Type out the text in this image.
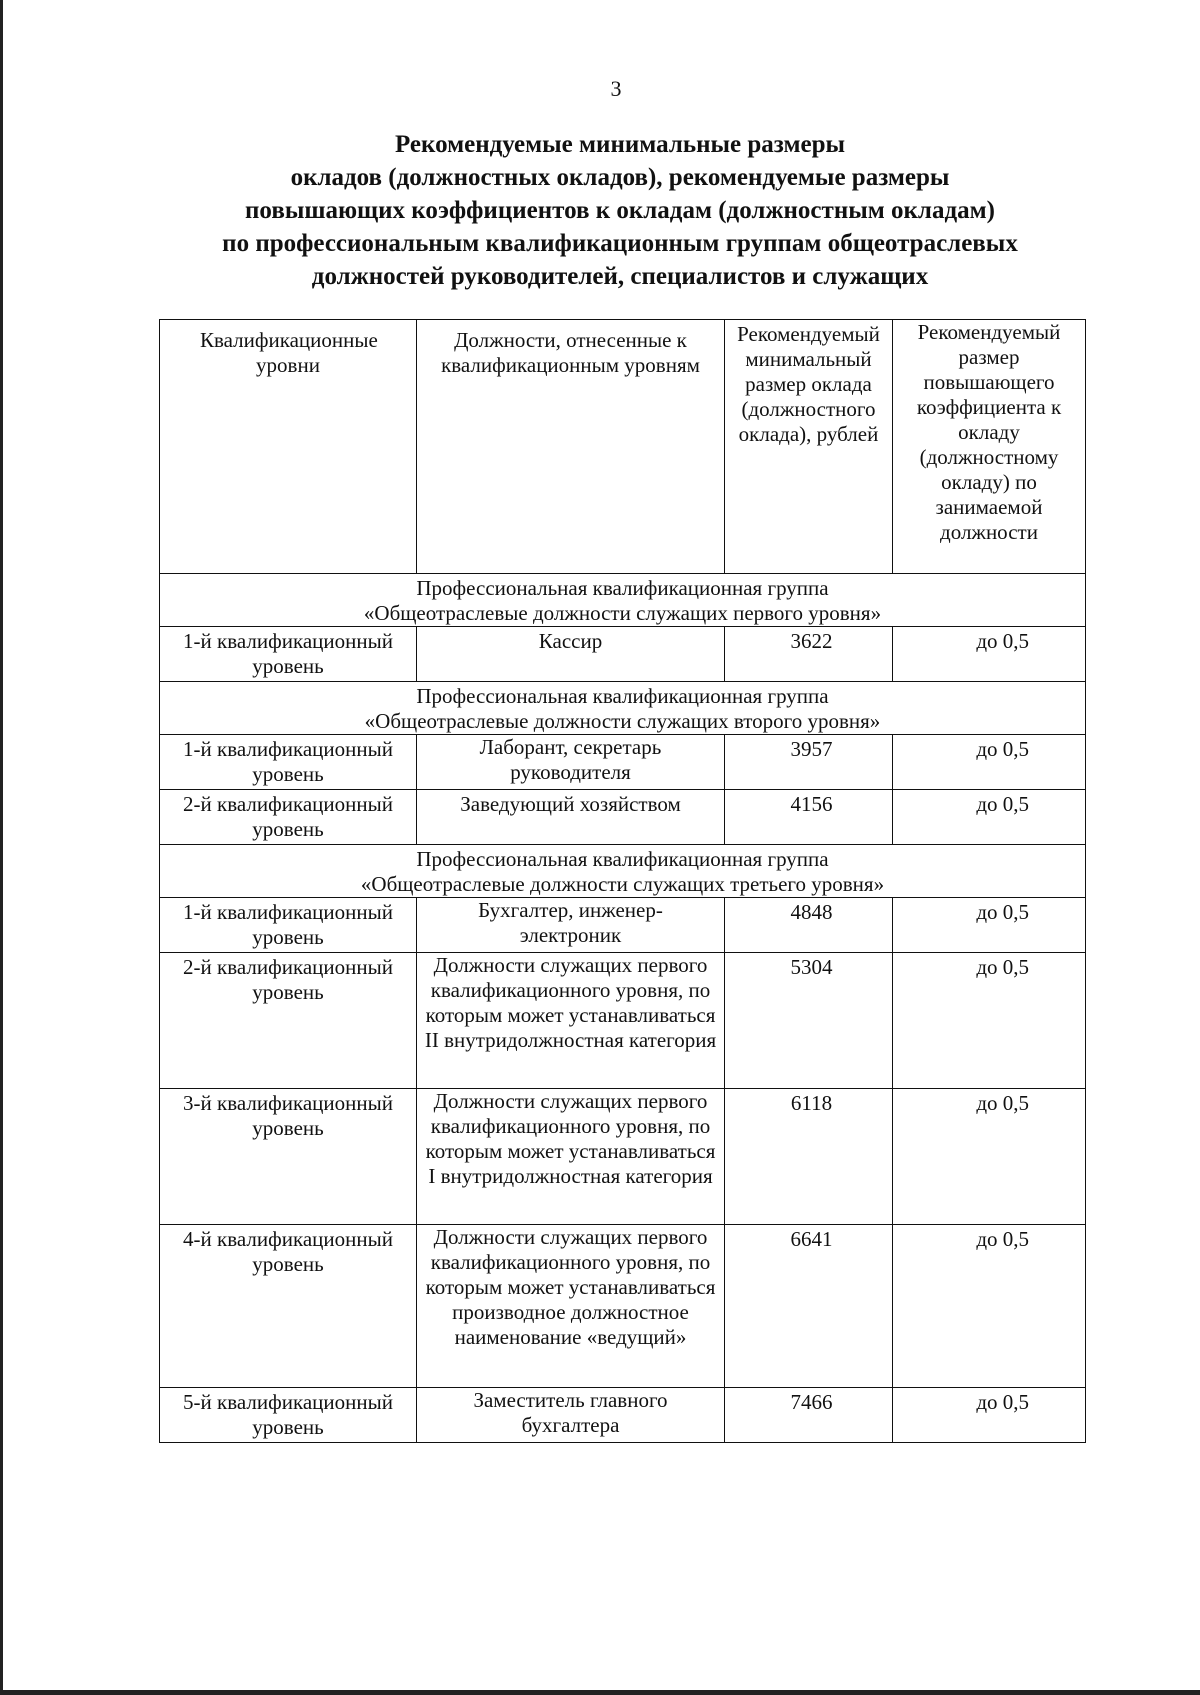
3
Рекомендуемые минимальные размеры
окладов (должностных окладов), рекомендуемые размеры
повышающих коэффициентов к окладам (должностным окладам)
по профессиональным квалификационным группам общеотраслевых
должностей руководителей, специалистов и служащих
Квалификационные уровни	Должности, отнесенные к квалификационным уровням	Рекомендуемый минимальный размер оклада (должностного оклада), рублей	Рекомендуемый размер повышающего коэффициента к окладу (должностному окладу) по занимаемой должности

Профессиональная квалификационная группа
«Общеотраслевые должности служащих первого уровня»			

1-й квалификационный уровень	Кассир	3622	до 0,5

Профессиональная квалификационная группа
«Общеотраслевые должности служащих второго уровня»			

1-й квалификационный уровень	Лаборант, секретарь руководителя	3957	до 0,5
2-й квалификационный уровень	Заведующий хозяйством	4156	до 0,5

Профессиональная квалификационная группа
«Общеотраслевые должности служащих третьего уровня»			

1-й квалификационный уровень	Бухгалтер, инженер-электроник	4848	до 0,5
2-й квалификационный уровень	Должности служащих первого квалификационного уровня, по которым может устанавливаться II внутридолжностная категория	5304	до 0,5
3-й квалификационный уровень	Должности служащих первого квалификационного уровня, по которым может устанавливаться I внутридолжностная категория	6118	до 0,5
4-й квалификационный уровень	Должности служащих первого квалификационного уровня, по которым может устанавливаться производное должностное наименование «ведущий»	6641	до 0,5
5-й квалификационный уровень	Заместитель главного бухгалтера	7466	до 0,5
